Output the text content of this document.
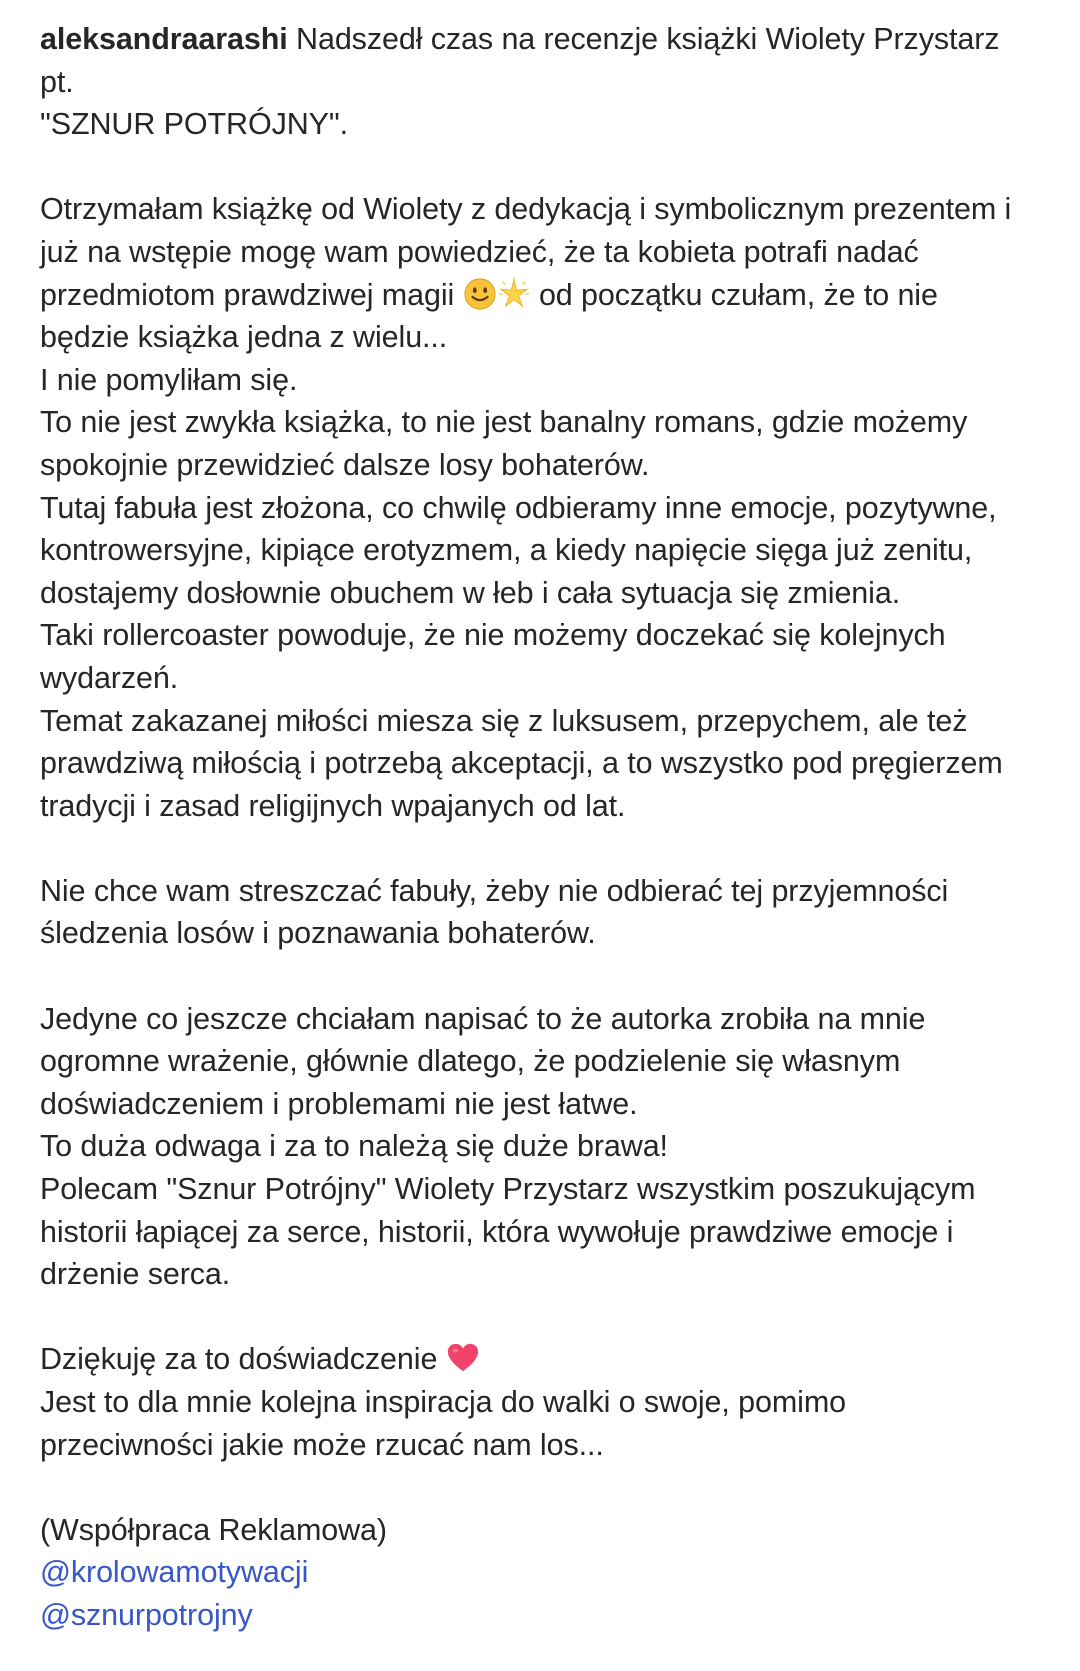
aleksandraarashi Nadszedł czas na recenzje książki Wiolety Przystarz
pt.
"SZNUR POTRÓJNY".
Otrzymałam książkę od Wiolety z dedykacją i symbolicznym prezentem i
już na wstępie mogę wam powiedzieć, że ta kobieta potrafi nadać
przedmiotom prawdziwej magii	od początku czułam, że to nie
będzie książka jedna z wielu...
I nie pomyliłam się.
To nie jest zwykła książka, to nie jest banalny romans, gdzie możemy
spokojnie przewidzieć dalsze losy bohaterów.
Tutaj fabuła jest złożona, co chwilę odbieramy inne emocje, pozytywne,
kontrowersyjne, kipiące erotyzmem, a kiedy napięcie sięga już zenitu,
dostajemy dosłownie obuchem w łeb i cała sytuacja się zmienia.
Taki rollercoaster powoduje, że nie możemy doczekać się kolejnych
wydarzeń.
Temat zakazanej miłości miesza się z luksusem, przepychem, ale też
prawdziwą miłością i potrzebą akceptacji, a to wszystko pod pręgierzem
tradycji i zasad religijnych wpajanych od lat.
Nie chce wam streszczać fabuły, żeby nie odbierać tej przyjemności
śledzenia losów i poznawania bohaterów.
Jedyne co jeszcze chciałam napisać to że autorka zrobiła na mnie
ogromne wrażenie, głównie dlatego, że podzielenie się własnym
doświadczeniem i problemami nie jest łatwe.
To duża odwaga i za to należą się duże brawa!
Polecam "Sznur Potrójny" Wiolety Przystarz wszystkim poszukującym
historii łapiącej za serce, historii, która wywołuje prawdziwe emocje i
drżenie serca.
Dziękuję za to doświadczenie
Jest to dla mnie kolejna inspiracja do walki o swoje, pomimo
przeciwności jakie może rzucać nam los...
(Współpraca Reklamowa)
@krolowamotywacji
@sznurpotrojny
